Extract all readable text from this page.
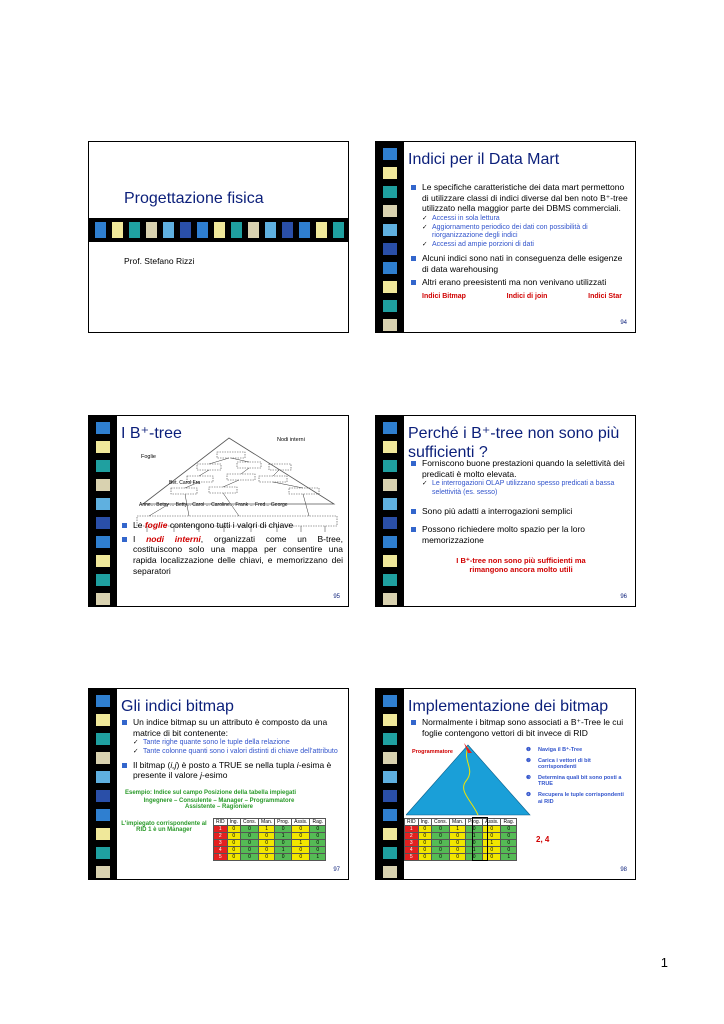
Progettazione fisica
Prof. Stefano Rizzi
Indici per il Data Mart
Le specifiche caratteristiche dei data mart permettono di utilizzare classi di indici diverse dal ben noto B⁺-tree utilizzato nella maggior parte dei DBMS commerciali.
✓ Accessi in sola lettura
✓ Aggiornamento periodico dei dati con possibilità di riorganizzazione degli indici
✓ Accessi ad ampie porzioni di dati
Alcuni indici sono nati in conseguenza delle esigenze di data warehousing
Altri erano preesistenti ma non venivano utilizzati
Indici Bitmap	Indici di join	Indici Star
94
I B⁺-tree	Nodi interni
Foglie
Bet. Carol Fra
Anne... Betsy ... Betty... Carol ... Caroline... Frank ... Fred... George
Le foglie contengono tutti i valori di chiave
I nodi interni, organizzati come un B-tree, costituiscono solo una mappa per consentire una rapida localizzazione delle chiavi, e memorizzano dei separatori
95
Perché i B⁺-tree non sono più sufficienti ?
Forniscono buone prestazioni quando la selettività dei predicati è molto elevata.
✓ Le interrogazioni OLAP utilizzano spesso predicati a bassa selettività (es. sesso)
Sono più adatti a interrogazioni semplici
Possono richiedere molto spazio per la loro memorizzazione
I B⁺-tree non sono più sufficienti ma rimangono ancora molto utili
96
Gli indici bitmap
Un indice bitmap su un attributo è composto da una matrice di bit contenente:
✓ Tante righe quante sono le tuple della relazione
✓ Tante colonne quanti sono i valori distinti di chiave dell'attributo
Il bitmap (i,j) è posto a TRUE se nella tupla i-esima è presente il valore j-esimo
Esempio: Indice sul campo Posizione della tabella impiegati
Ingegnere – Consulente – Manager – Programmatore Assistente – Ragioniere
L'impiegato corrispondente al RID 1 è un Manager
RID	Ing.	Cons.	Man.	Prog.	Assis.	Rag.
1	0	0	1	0	0	0
2	0	0	0	1	0	0
3	0	0	0	0	1	0
4	0	0	0	1	0	0
5	0	0	0	0	0	1
97
Implementazione dei bitmap
Normalmente i bitmap sono associati a B⁺-Tree le cui foglie contengono vettori di bit invece di RID
Programmatore	❶ Naviga il B⁺-Tree
❷ Carica i vettori di bit corrispondenti
❸ Determina quali bit sono posti a TRUE
❹ Recupera le tuple corrispondenti ai RID
RID	Ing.	Cons.	Man.	Prog.	Assis.	Rag.
1	0	0	1	0	0	0
2	0	0	0	1	0	0
3	0	0	0	0	1	0
4	0	0	0	1	0	0
5	0	0	0	0	0	1
2, 4
98
1
